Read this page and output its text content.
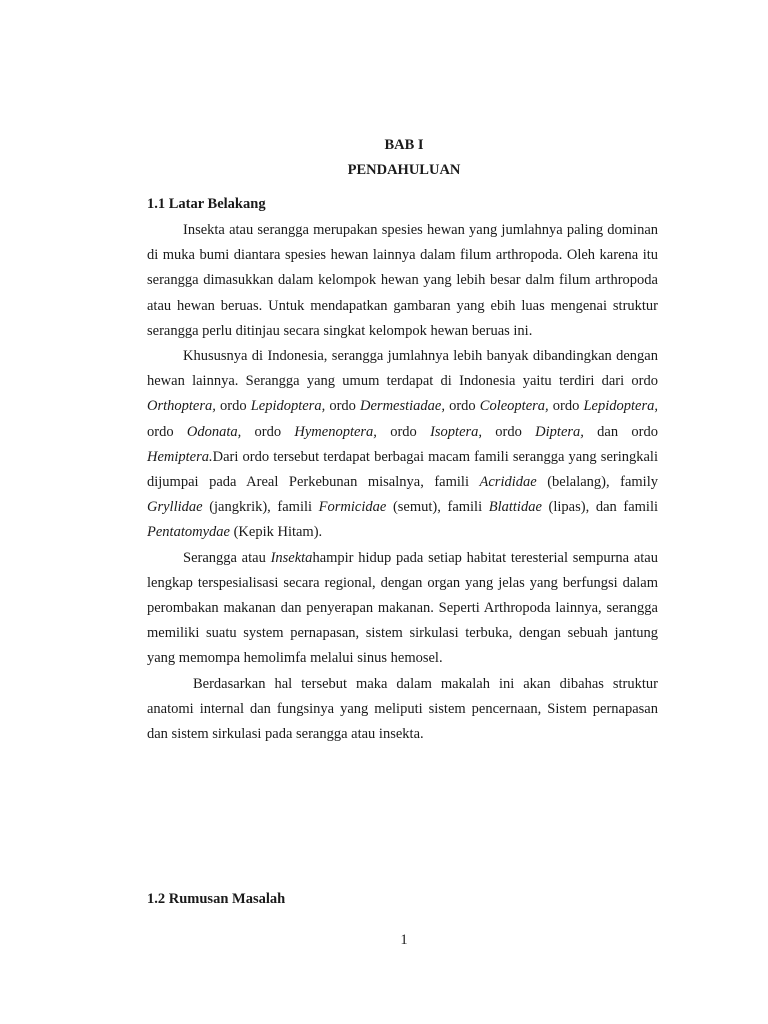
BAB I
PENDAHULUAN
1.1 Latar Belakang

Insekta atau serangga merupakan spesies hewan yang jumlahnya paling dominan di muka bumi diantara spesies hewan lainnya dalam filum arthropoda. Oleh karena itu serangga dimasukkan dalam kelompok hewan yang lebih besar dalm filum arthropoda atau hewan beruas. Untuk mendapatkan gambaran yang ebih luas mengenai struktur serangga perlu ditinjau secara singkat kelompok hewan beruas ini.

Khususnya di Indonesia, serangga jumlahnya lebih banyak dibandingkan dengan hewan lainnya. Serangga yang umum terdapat di Indonesia yaitu terdiri dari ordo Orthoptera, ordo Lepidoptera, ordo Dermestiadae, ordo Coleoptera, ordo Lepidoptera, ordo Odonata, ordo Hymenoptera, ordo Isoptera, ordo Diptera, dan ordo Hemiptera.Dari ordo tersebut terdapat berbagai macam famili serangga yang seringkali dijumpai pada Areal Perkebunan misalnya, famili Acrididae (belalang), family Gryllidae (jangkrik), famili Formicidae (semut), famili Blattidae (lipas), dan famili Pentatomydae (Kepik Hitam).

Serangga atau Insektahampir hidup pada setiap habitat teresterial sempurna atau lengkap terspesialisasi secara regional, dengan organ yang jelas yang berfungsi dalam perombakan makanan dan penyerapan makanan. Seperti Arthropoda lainnya, serangga memiliki suatu system pernapasan, sistem sirkulasi terbuka, dengan sebuah jantung yang memompa hemolimfa melalui sinus hemosel.

Berdasarkan hal tersebut maka dalam makalah ini akan dibahas struktur anatomi internal dan fungsinya yang meliputi sistem pencernaan, Sistem pernapasan dan sistem sirkulasi pada serangga atau insekta.

1.2 Rumusan Masalah
1
